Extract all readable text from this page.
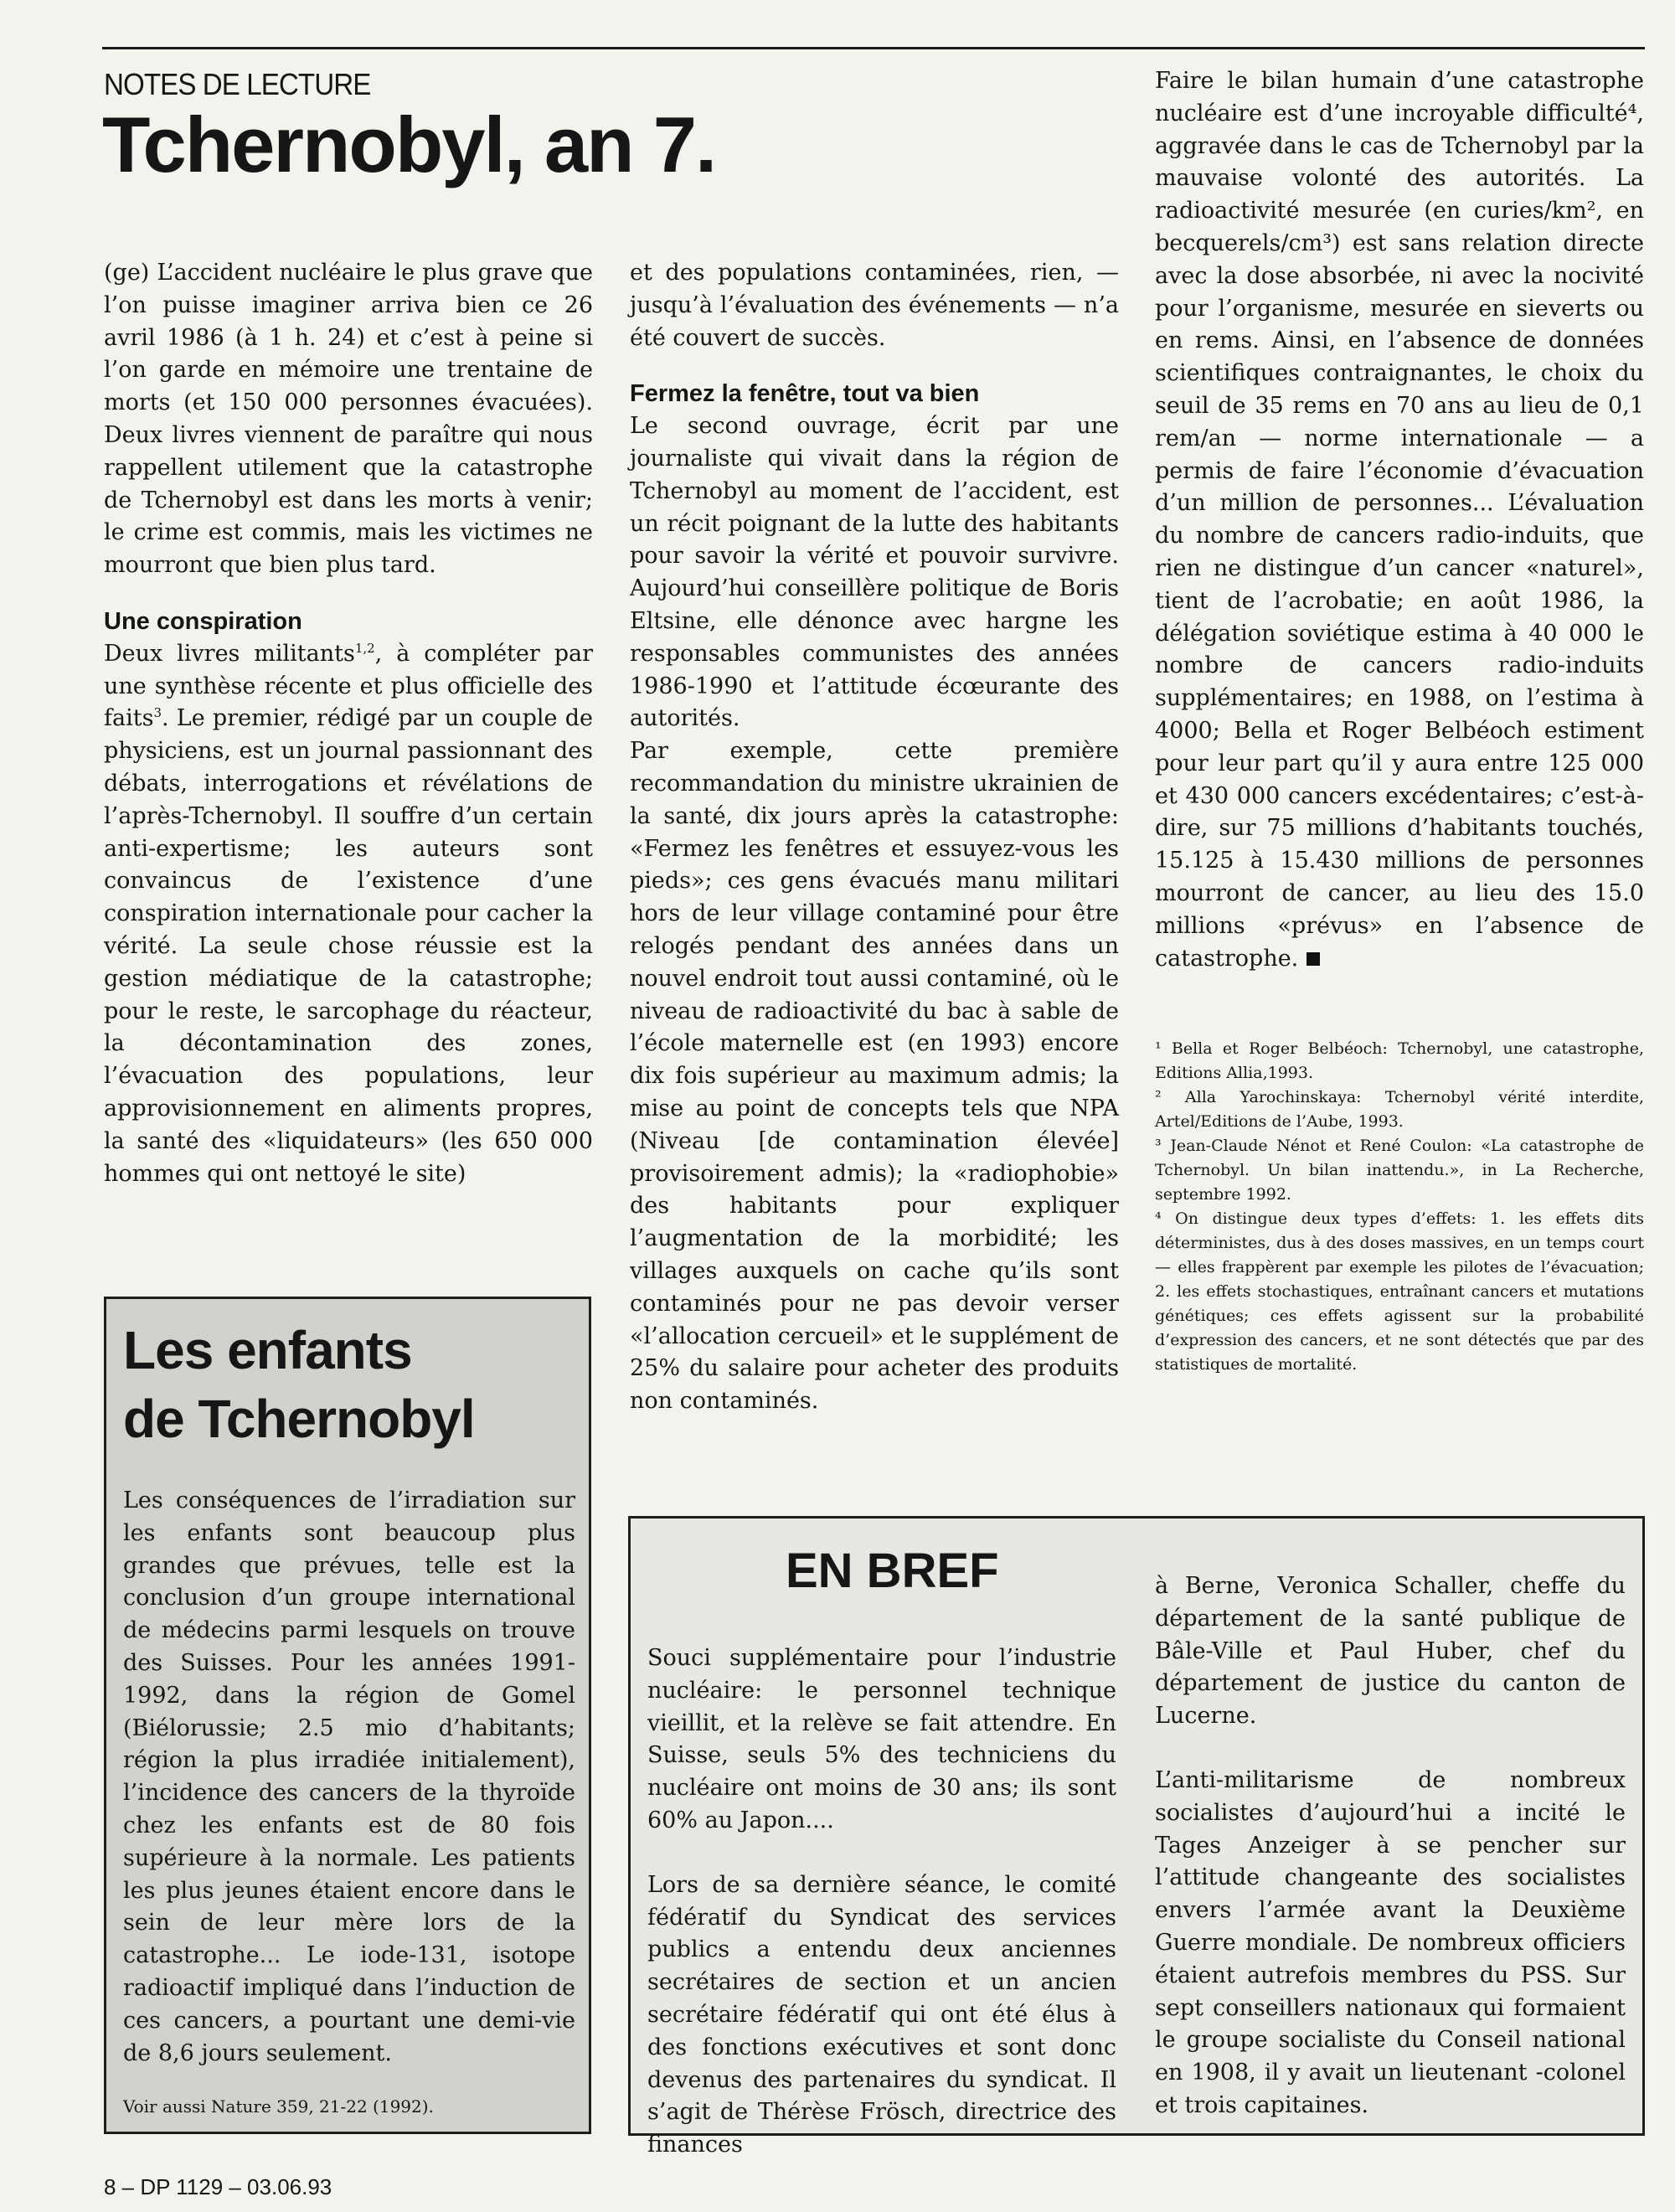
NOTES DE LECTURE
Tchernobyl, an 7.

(ge) L’accident nucléaire le plus grave que l’on puisse imaginer arriva bien ce 26 avril 1986 (à 1 h. 24) et c’est à peine si l’on garde en mémoire une trentaine de morts (et 150 000 personnes évacuées). Deux livres viennent de paraître qui nous rappellent utilement que la catastrophe de Tchernobyl est dans les morts à venir; le crime est commis, mais les victimes ne mourront que bien plus tard.

Une conspiration

Deux livres militants$^{1,2}$, à compléter par une synthèse récente et plus officielle des faits$^3$. Le premier, rédigé par un couple de physiciens, est un journal passionnant des débats, interrogations et révélations de l’après-Tchernobyl. Il souffre d’un certain anti-expertisme; les auteurs sont convaincus de l’existence d’une conspiration internationale pour cacher la vérité. La seule chose réussie est la gestion médiatique de la catastrophe; pour le reste, le sarcophage du réacteur, la décontamination des zones, l’évacuation des populations, leur approvisionnement en aliments propres, la santé des «liquidateurs» (les 650 000 hommes qui ont nettoyé le site)

et des populations contaminées, rien, — jusqu’à l’évaluation des événements — n’a été couvert de succès.

Fermez la fenêtre, tout va bien

Le second ouvrage, écrit par une journaliste qui vivait dans la région de Tchernobyl au moment de l’accident, est un récit poignant de la lutte des habitants pour savoir la vérité et pouvoir survivre. Aujourd’hui conseillère politique de Boris Eltsine, elle dénonce avec hargne les responsables communistes des années 1986-1990 et l’attitude écœurante des autorités.

Par exemple, cette première recommandation du ministre ukrainien de la santé, dix jours après la catastrophe: «Fermez les fenêtres et essuyez-vous les pieds»; ces gens évacués manu militari hors de leur village contaminé pour être relogés pendant des années dans un nouvel endroit tout aussi contaminé, où le niveau de radioactivité du bac à sable de l’école maternelle est (en 1993) encore dix fois supérieur au maximum admis; la mise au point de concepts tels que NPA (Niveau [de contamination élevée] provisoirement admis); la «radiophobie» des habitants pour expliquer l’augmentation de la morbidité; les villages auxquels on cache qu’ils sont contaminés pour ne pas devoir verser «l’allocation cercueil» et le supplément de 25% du salaire pour acheter des produits non contaminés.

Faire le bilan humain d’une catastrophe nucléaire est d’une incroyable difficulté⁴, aggravée dans le cas de Tchernobyl par la mauvaise volonté des autorités. La radioactivité mesurée (en curies/km², en becquerels/cm³) est sans relation directe avec la dose absorbée, ni avec la nocivité pour l’organisme, mesurée en sieverts ou en rems. Ainsi, en l’absence de données scientifiques contraignantes, le choix du seuil de 35 rems en 70 ans au lieu de 0,1 rem/an — norme internationale — a permis de faire l’économie d’évacuation d’un million de personnes... L’évaluation du nombre de cancers radio-induits, que rien ne distingue d’un cancer «naturel», tient de l’acrobatie; en août 1986, la délégation soviétique estima à 40 000 le nombre de cancers radio-induits supplémentaires; en 1988, on l’estima à 4000; Bella et Roger Belbéoch estiment pour leur part qu’il y aura entre 125 000 et 430 000 cancers excédentaires; c’est-à-dire, sur 75 millions d’habitants touchés, 15.125 à 15.430 millions de personnes mourront de cancer, au lieu des 15.0 millions «prévus» en l’absence de catastrophe.

¹ Bella et Roger Belbéoch: Tchernobyl, une catastrophe, Editions Allia,1993.

² Alla Yarochinskaya: Tchernobyl vérité interdite, Artel/Editions de l’Aube, 1993.

³ Jean-Claude Nénot et René Coulon: «La catastrophe de Tchernobyl. Un bilan inattendu.», in La Recherche, septembre 1992.

⁴ On distingue deux types d’effets: 1. les effets dits déterministes, dus à des doses massives, en un temps court — elles frappèrent par exemple les pilotes de l’évacuation; 2. les effets stochastiques, entraînant cancers et mutations génétiques; ces effets agissent sur la probabilité d’expression des cancers, et ne sont détectés que par des statistiques de mortalité.

Les enfants
de Tchernobyl

Les conséquences de l’irradiation sur les enfants sont beaucoup plus grandes que prévues, telle est la conclusion d’un groupe international de médecins parmi lesquels on trouve des Suisses. Pour les années 1991-1992, dans la région de Gomel (Biélorussie; 2.5 mio d’habitants; région la plus irradiée initialement), l’incidence des cancers de la thyroïde chez les enfants est de 80 fois supérieure à la normale. Les patients les plus jeunes étaient encore dans le sein de leur mère lors de la catastrophe... Le iode-131, isotope radioactif impliqué dans l’induction de ces cancers, a pourtant une demi-vie de 8,6 jours seulement.

Voir aussi Nature 359, 21-22 (1992).
EN BREF

Souci supplémentaire pour l’industrie nucléaire: le personnel technique vieillit, et la relève se fait attendre. En Suisse, seuls 5% des techniciens du nucléaire ont moins de 30 ans; ils sont 60% au Japon....

Lors de sa dernière séance, le comité fédératif du Syndicat des services publics a entendu deux anciennes secrétaires de section et un ancien secrétaire fédératif qui ont été élus à des fonctions exécutives et sont donc devenus des partenaires du syndicat. Il s’agit de Thérèse Frösch, directrice des finances

à Berne, Veronica Schaller, cheffe du département de la santé publique de Bâle-Ville et Paul Huber, chef du département de justice du canton de Lucerne.

L’anti-militarisme de nombreux socialistes d’aujourd’hui a incité le Tages Anzeiger à se pencher sur l’attitude changeante des socialistes envers l’armée avant la Deuxième Guerre mondiale. De nombreux officiers étaient autrefois membres du PSS. Sur sept conseillers nationaux qui formaient le groupe socialiste du Conseil national en 1908, il y avait un lieutenant -colonel et trois capitaines.

8 – DP 1129 – 03.06.93
